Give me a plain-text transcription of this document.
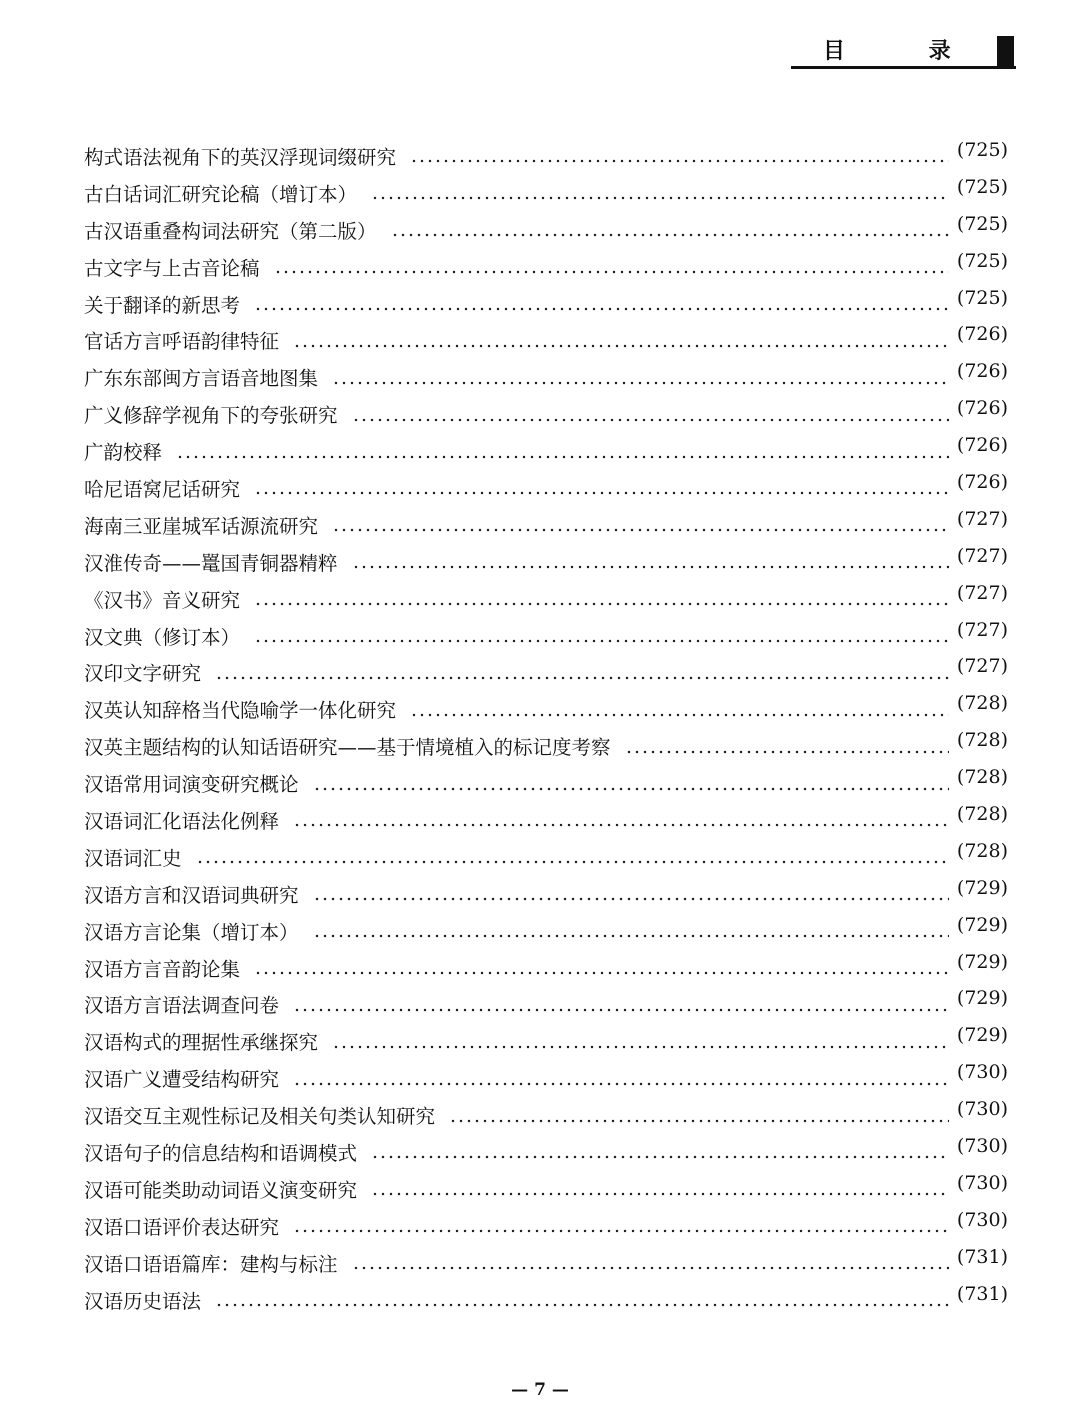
目 录
构式语法视角下的英汉浮现词缀研究	(725)
古白话词汇研究论稿（增订本）	(725)
古汉语重叠构词法研究（第二版）	(725)
古文字与上古音论稿	(725)
关于翻译的新思考	(725)
官话方言呼语韵律特征	(726)
广东东部闽方言语音地图集	(726)
广义修辞学视角下的夸张研究	(726)
广韵校释	(726)
哈尼语窝尼话研究	(726)
海南三亚崖城军话源流研究	(727)
汉淮传奇——鼍国青铜器精粹	(727)
《汉书》音义研究	(727)
汉文典（修订本）	(727)
汉印文字研究	(727)
汉英认知辞格当代隐喻学一体化研究	(728)
汉英主题结构的认知话语研究——基于情境植入的标记度考察	(728)
汉语常用词演变研究概论	(728)
汉语词汇化语法化例释	(728)
汉语词汇史	(728)
汉语方言和汉语词典研究	(729)
汉语方言论集（增订本）	(729)
汉语方言音韵论集	(729)
汉语方言语法调查问卷	(729)
汉语构式的理据性承继探究	(729)
汉语广义遭受结构研究	(730)
汉语交互主观性标记及相关句类认知研究	(730)
汉语句子的信息结构和语调模式	(730)
汉语可能类助动词语义演变研究	(730)
汉语口语评价表达研究	(730)
汉语口语语篇库：建构与标注	(731)
汉语历史语法	(731)
— 7 —
